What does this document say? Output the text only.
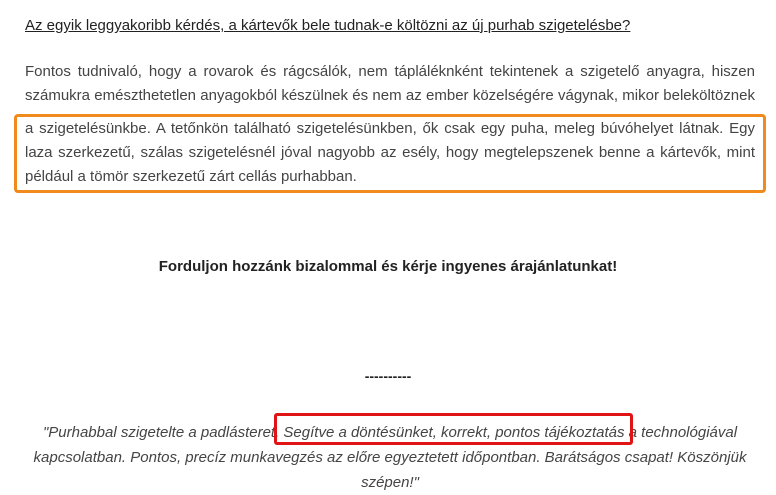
Az egyik leggyakoribb kérdés, a kártevők bele tudnak-e költözni az új purhab szigetelésbe?
Fontos tudnivaló, hogy a rovarok és rágcsálók, nem tápláléknként tekintenek a szigetelő anyagra, hiszen
számukra emészthetetlen anyagokból készülnek és nem az ember közelségére vágynak, mikor beleköltöznek
a szigetelésünkbe. A tetőnkön található szigetelésünkben, ők csak egy puha, meleg búvóhelyet látnak. Egy
laza szerkezetű, szálas szigetelésnél jóval nagyobb az esély, hogy megtelepszenek benne a kártevők, mint
például a tömör szerkezetű zárt cellás purhabban.
Forduljon hozzánk bizalommal és kérje ingyenes árajánlatunkat!
----------
"Purhabbal szigetelte a padlásteret. Segítve a döntésünket, korrekt, pontos tájékoztatás a technológiával
kapcsolatban. Pontos, precíz munkavegzés az előre egyeztetett időpontban. Barátságos csapat! Köszönjük
szépen!"
